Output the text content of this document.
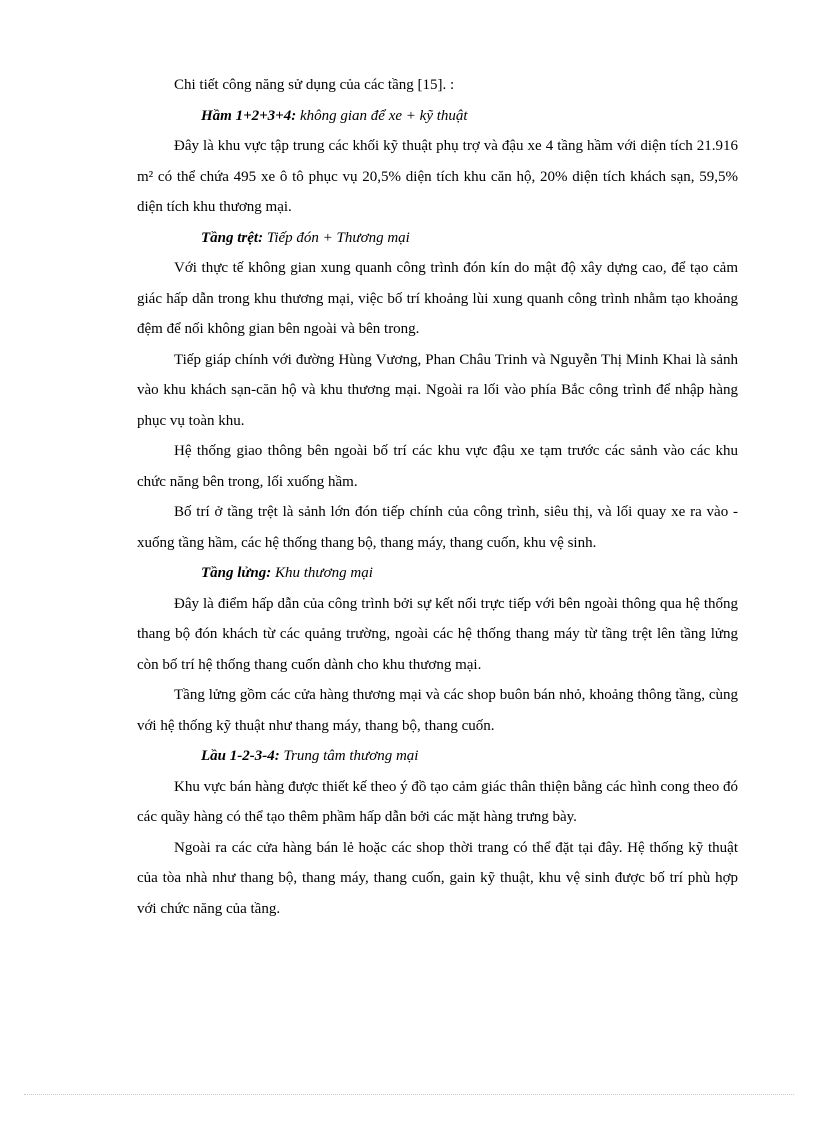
Chi tiết công năng sử dụng của các tầng [15]. :

Hầm 1+2+3+4: không gian để xe + kỹ thuật

Đây là khu vực tập trung các khối kỹ thuật phụ trợ và đậu xe 4 tầng hầm với diện tích 21.916 m² có thể chứa 495 xe ô tô phục vụ 20,5% diện tích khu căn hộ, 20% diện tích khách sạn, 59,5% diện tích khu thương mại.

Tầng trệt: Tiếp đón + Thương mại

Với thực tế không gian xung quanh công trình đón kín do mật độ xây dựng cao, để tạo cảm giác hấp dẫn trong khu thương mại, việc bố trí khoảng lùi xung quanh công trình nhằm tạo khoảng đệm để nối không gian bên ngoài và bên trong.

Tiếp giáp chính với đường Hùng Vương, Phan Châu Trinh và Nguyễn Thị Minh Khai là sảnh vào khu khách sạn-căn hộ và khu thương mại. Ngoài ra lối vào phía Bắc công trình để nhập hàng phục vụ toàn khu.

Hệ thống giao thông bên ngoài bố trí các khu vực đậu xe tạm trước các sảnh vào các khu chức năng bên trong, lối xuống hầm.

Bố trí ở tầng trệt là sảnh lớn đón tiếp chính của công trình, siêu thị, và lối quay xe ra vào - xuống tầng hầm, các hệ thống thang bộ, thang máy, thang cuốn, khu vệ sinh.

Tầng lửng: Khu thương mại

Đây là điểm hấp dẫn của công trình bởi sự kết nối trực tiếp với bên ngoài thông qua hệ thống thang bộ đón khách từ các quảng trường, ngoài các hệ thống thang máy từ tầng trệt lên tầng lửng còn bố trí hệ thống thang cuốn dành cho khu thương mại.

Tầng lửng gồm các cửa hàng thương mại và các shop buôn bán nhỏ, khoảng thông tầng, cùng với hệ thống kỹ thuật như thang máy, thang bộ, thang cuốn.

Lầu 1-2-3-4: Trung tâm thương mại

Khu vực bán hàng được thiết kế theo ý đồ tạo cảm giác thân thiện bằng các hình cong theo đó các quầy hàng có thể tạo thêm phầm hấp dẫn bởi các mặt hàng trưng bày.

Ngoài ra các cửa hàng bán lẻ hoặc các shop thời trang có thể đặt tại đây. Hệ thống kỹ thuật của tòa nhà như thang bộ, thang máy, thang cuốn, gain kỹ thuật, khu vệ sinh được bố trí phù hợp với chức năng của tầng.
